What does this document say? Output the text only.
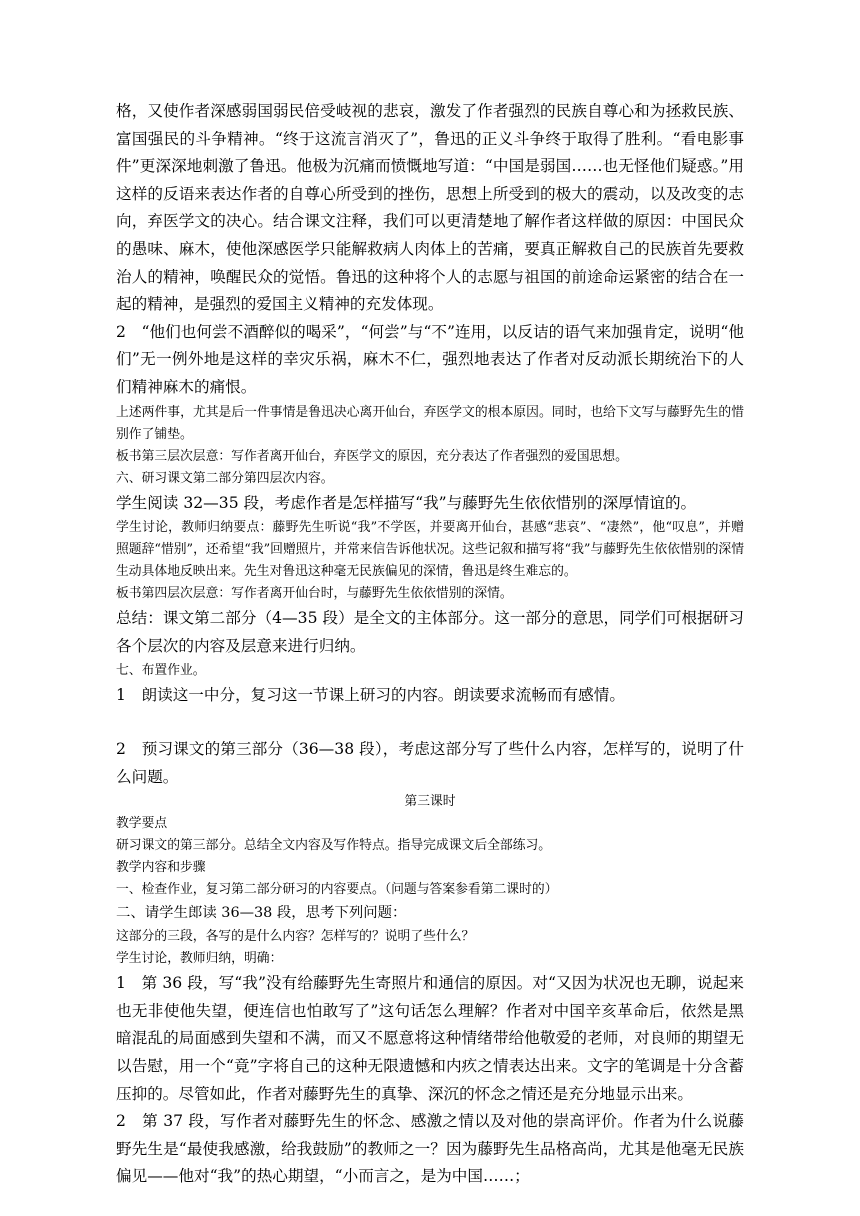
格，又使作者深感弱国弱民倍受岐视的悲哀，激发了作者强烈的民族自尊心和为拯救民族、富国强民的斗争精神。“终于这流言消灭了”，鲁迅的正义斗争终于取得了胜利。“看电影事件”更深深地刺激了鲁迅。他极为沉痛而愤慨地写道：“中国是弱国……也无怪他们疑惑。”用这样的反语来表达作者的自尊心所受到的挫伤，思想上所受到的极大的震动，以及改变的志向，弃医学文的决心。结合课文注释，我们可以更清楚地了解作者这样做的原因：中国民众的愚味、麻木，使他深感医学只能解救病人肉体上的苦痛，要真正解救自己的民族首先要救治人的精神，唤醒民众的觉悟。鲁迅的这种将个人的志愿与祖国的前途命运紧密的结合在一起的精神，是强烈的爱国主义精神的充发体现。

2　“他们也何尝不酒醉似的喝采”，“何尝”与“不”连用，以反诘的语气来加强肯定，说明“他们”无一例外地是这样的幸灾乐祸，麻木不仁，强烈地表达了作者对反动派长期统治下的人们精神麻木的痛恨。

上述两件事，尤其是后一件事情是鲁迅决心离开仙台，弃医学文的根本原因。同时，也给下文写与藤野先生的惜别作了铺垫。

板书第三层次层意：写作者离开仙台，弃医学文的原因，充分表达了作者强烈的爱国思想。

六、研习课文第二部分第四层次内容。

学生阅读 32—35 段，考虑作者是怎样描写“我”与藤野先生依依惜别的深厚情谊的。

学生讨论，教师归纳要点：藤野先生听说“我”不学医，并要离开仙台，甚感“悲哀”、“凄然”，他“叹息”，并赠照题辞“惜别”，还希望“我”回赠照片，并常来信告诉他状况。这些记叙和描写将“我”与藤野先生依依惜别的深情生动具体地反映出来。先生对鲁迅这种毫无民族偏见的深情，鲁迅是终生难忘的。

板书第四层次层意：写作者离开仙台时，与藤野先生依依惜别的深情。

总结：课文第二部分（4—35 段）是全文的主体部分。这一部分的意思，同学们可根据研习各个层次的内容及层意来进行归纳。

七、布置作业。

1　朗读这一中分，复习这一节课上研习的内容。朗读要求流畅而有感情。

2　预习课文的第三部分（36—38 段），考虑这部分写了些什么内容，怎样写的，说明了什么问题。

第三课时

教学要点

研习课文的第三部分。总结全文内容及写作特点。指导完成课文后全部练习。

教学内容和步骤

一、检查作业，复习第二部分研习的内容要点。（问题与答案参看第二课时的）

二、请学生郎读 36—38 段，思考下列问题：

这部分的三段，各写的是什么内容？怎样写的？说明了些什么？

学生讨论，教师归纳，明确：

1　第 36 段，写“我”没有给藤野先生寄照片和通信的原因。对“又因为状况也无聊，说起来也无非使他失望，便连信也怕敢写了”这句话怎么理解？作者对中国辛亥革命后，依然是黑暗混乱的局面感到失望和不满，而又不愿意将这种情绪带给他敬爱的老师，对良师的期望无以告慰，用一个“竟”字将自己的这种无限遗憾和内疚之情表达出来。文字的笔调是十分含蓄压抑的。尽管如此，作者对藤野先生的真挚、深沉的怀念之情还是充分地显示出来。

2　第 37 段，写作者对藤野先生的怀念、感激之情以及对他的崇高评价。作者为什么说藤野先生是“最使我感激，给我鼓励”的教师之一？因为藤野先生品格高尚，尤其是他毫无民族偏见——他对“我”的热心期望，“小而言之，是为中国……；
